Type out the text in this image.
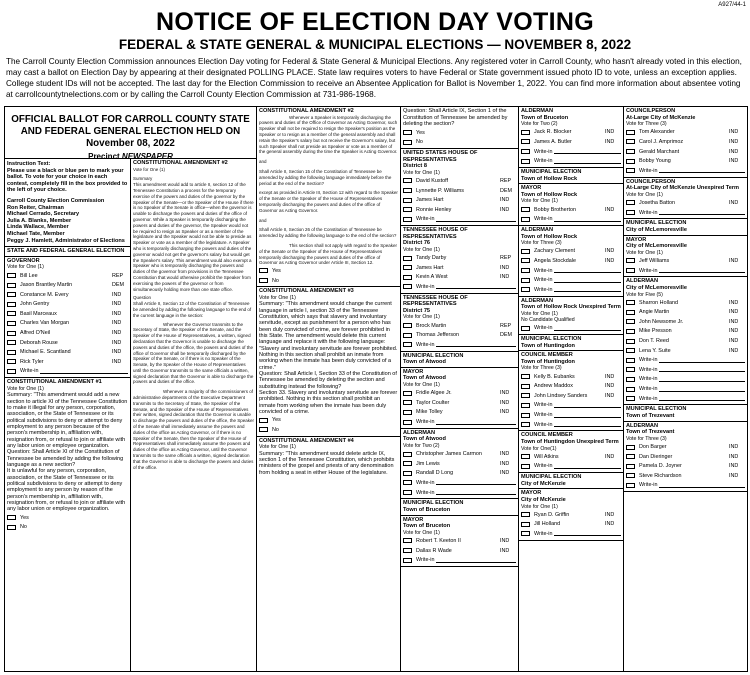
A927/44-1
NOTICE OF ELECTION DAY VOTING
FEDERAL & STATE GENERAL & MUNICIPAL ELECTIONS — NOVEMBER 8, 2022
The Carroll County Election Commission announces Election Day voting for Federal & State General & Municipal Elections. Any registered voter in Carroll County, who hasn't already voted in this election, may cast a ballot on Election Day by appearing at their designated POLLING PLACE. State law requires voters to have Federal or State government issued photo ID to vote, unless an exception applies. College student IDs will not be accepted. The last day for the Election Commission to receive an Absentee Application for Ballot is November 1, 2022. You can find more information about absentee voting at carrollcountytnelections.com or by calling the Carroll County Election Commission at 731-986-1968.
OFFICIAL BALLOT FOR CARROLL COUNTY STATE AND FEDERAL GENERAL ELECTION HELD ON
November 08, 2022
Precinct NEWSPAPER
Instruction Text:
Please use a black or blue pen to mark your ballot. To vote for your choice in each contest, completely fill in the box provided to the left of your choice.
Carroll County Election Commission
Ron Reiter, Chairman
Michael Cerrado, Secretary
Julia A. Blanks, Member
Linda Wallace, Member
Michael Tate, Member
Peggy J. Hamlett, Administrator of Elections
STATE AND FEDERAL GENERAL ELECTION
GOVERNOR
Vote for One (1)
Bill Lee	REP
Jason Brantley Martin	DEM
Constance M. Every	IND
John Gentry	IND
Basil Marceaux	IND
Charles Van Morgan	IND
Alfred O'Neil	IND
Deborah Rouse	IND
Michael E. Scantland	IND
Rick Tyler	IND
Write-in
CONSTITUTIONAL AMENDMENT #1
Vote for One (1)
Summary: "This amendment would add a new section to article XI of the Tennessee Constitution to make it illegal for any person, corporation, association, or the State of Tennessee or its political subdivisions to deny or attempt to deny employment to any person because of the person's membership in, affiliation with, resignation from, or refusal to join or affiliate with any labor union or employee organization.
Question: Shall Article XI of the Constitution of Tennessee be amended by adding the following language as a new section?
It is unlawful for any person, corporation, association, or the State of Tennessee or its political subdivisions to deny or attempt to deny employment to any person by reason of the person's membership in, affiliation with, resignation from, or refusal to join or affiliate with any labor union or employee organization.
Yes
No
CONSTITUTIONAL AMENDMENT #2
Vote for One (1)
Summary
This amendment would add to article II, section 12 of the Tennessee Constitution a process for the temporary exercise of the powers and duties of the governor by the Speaker of the Senate—or the Speaker of the House if there is no Speaker of the Senate in office—when the governor is unable to discharge the powers and duties of the office of governor. While a Speaker is temporarily discharging the powers and duties of the governor, the Speaker would not be required to resign as Speaker or as a member of the legislature and the Speaker would not be able to preside as Speaker or vote as a member of the legislature. A Speaker who is temporarily discharging the powers and duties of the governor would not get the governor's salary but would get the Speaker's salary. This amendment would also exempt a Speaker who is temporarily discharging the powers and duties of the governor from provisions in the Tennessee Constitution that would otherwise prohibit the Speaker from exercising the powers of the governor or from simultaneously holding more than one state office.
Question
Shall Article II, Section 12 of the Constitution of Tennessee be amended by adding the following language to the end of the current language in the section:
Whenever the Governor transmits to the Secretary of State, the Speaker of the Senate, and the Speaker of the House of Representatives, a written, signed declaration that the Governor is unable to discharge the powers and duties of the office, the powers and duties of the office of Governor shall be temporarily discharged by the Speaker of the Senate, or if there is no Speaker of the Senate, by the Speaker of the House of Representatives until the Governor transmits to the same officials a written, signed declaration that the Governor is able to discharge the powers and duties of the office.
Whenever a majority of the commissioners of administrative departments of the Executive Department transmits to the Secretary of State, the Speaker of the Senate, and the Speaker of the House of Representatives their written, signed declaration that the Governor is unable to discharge the powers and duties of the office, the Speaker of the Senate shall immediately assume the powers and duties of the office as Acting Governor, or if there is no Speaker of the Senate, then the Speaker of the House of Representatives shall immediately assume the powers and duties of the office as Acting Governor, until the Governor transmits to the same officials a written, signed declaration that the Governor is able to discharge the powers and duties of the office.
CONSTITUTIONAL AMENDMENT #2
Whenever a Speaker is temporarily discharging the powers and duties of the Office of Governor as Acting Governor, such Speaker shall not be required to resign the Speaker's position as the Speaker or to resign as a member of the general assembly and shall retain the Speaker's salary but not receive the Governor's salary, but such Speaker shall not preside as Speaker or vote as a member of the general assembly during the time the Speaker is Acting Governor.
and
Shall Article II, Section 15 of the Constitution of Tennessee be amended by adding the following language immediately before the period at the end of the Section?
except as provided in Article III, Section 12 with regard to the Speaker of the Senate or the Speaker of the House of Representatives temporarily discharging the powers and duties of the office of Governor as Acting Governor.
and
Shall Article II, Section 26 of the Constitution of Tennessee be amended by adding the following language to the end of the section?
This section shall not apply with regard to the Speaker of the Senate or the Speaker of the House of Representatives temporarily discharging the powers and duties of the office of Governor as Acting Governor under Article III, Section 12.
Yes
No
CONSTITUTIONAL AMENDMENT #3
Vote for One (1)
Summary: "This amendment would change the current language in article I, section 33 of the Tennessee Constitution, which says that slavery and involuntary servitude, except as punishment for a person who has been duly convicted of crime, are forever prohibited in this State. The amendment would delete this current language and replace it with the following language: "Slavery and involuntary servitude are forever prohibited. Nothing in this section shall prohibit an inmate from working when the inmate has been duly convicted of a crime."
Question: Shall Article I, Section 33 of the Constitution of Tennessee be amended by deleting the section and substituting instead the following?
Section 33. Slavery and involuntary servitude are forever prohibited. Nothing in this section shall prohibit an inmate from working when the inmate has been duly convicted of a crime.
Yes
No
CONSTITUTIONAL AMENDMENT #4
Vote for One (1)
Summary: "This amendment would delete article IX, section 1 of the Tennessee Constitution, which prohibits ministers of the gospel and priests of any denomination from holding a seat in either House of the legislature.
Question: Shall Article IX, Section 1 of the Constitution of Tennessee be amended by deleting the section?
Yes
No
UNITED STATES HOUSE OF REPRESENTATIVES
District 8
Vote for One (1)
David Kustoff	REP
Lynnette P. Williams	DEM
James Hart	IND
Ronnie Henley	IND
Write-in
TENNESSEE HOUSE OF REPRESENTATIVES
District 76
Vote for One (1)
Tandy Darby	REP
James Hart	IND
Kevin A West	IND
Write-in
TENNESSEE HOUSE OF REPRESENTATIVES
District 75
Vote for One (1)
Brock Martin	REP
Thomas Jefferson	DEM
Write-in
MUNICIPAL ELECTION
Town of Atwood
MAYOR
Town of Atwood
Vote for One (1)
Fridle Algee Jr.	IND
Taylor Coulter	IND
Mike Tolley	IND
Write-in
ALDERMAN
Town of Atwood
Vote for Two (2)
Christopher James Carmon	IND
Jim Lewis	IND
Randall D Long	IND
Write-in
Write-in
MUNICIPAL ELECTION
Town of Bruceton
MAYOR
Town of Bruceton
Vote for One (1)
Robert T. Keeton II	IND
Dallas R Wade	IND
Write-in
ALDERMAN
Town of Bruceton
Vote for Two (2)
Jack R. Blocker	IND
James A. Butler	IND
Write-in
Write-in
MUNICIPAL ELECTION
Town of Hollow Rock
MAYOR
Town of Hollow Rock
Vote for One (1)
Bobby Brotherton	IND
Write-in
ALDERMAN
Town of Hollow Rock
Vote for Three (3)
Zachary Clement	IND
Angela Stockdale	IND
Write-in
Write-in
Write-in
ALDERMAN
Town of Hollow Rock Unexpired Term
Vote for One (1)
No Candidate Qualified
Write-in
MUNICIPAL ELECTION
Town of Huntingdon
COUNCIL MEMBER
Town of Huntingdon
Vote for Three (3)
Kelly B. Eubanks	IND
Andrew Maddox	IND
John Lindsey Sanders	IND
Write-in
Write-in
Write-in
COUNCIL MEMBER
Town of Huntingdon Unexpired Term
Vote for One(1)
Will Atkins	IND
Write-in
MUNICIPAL ELECTION
City of McKenzie
MAYOR
City of McKenzie
Vote for One (1)
Ryan D. Griffin	IND
Jill Holland	IND
Write-in
COUNCILPERSON
At-Large City of McKenzie
Vote for Three (3)
Tom Alexander	IND
Carol J. Amprimoz	IND
Gerald Marchant	IND
Bobby Young	IND
Write-in
COUNCILPERSON
At-Large City of McKenzie Unexpired Term
Vote for One (1)
Josetha Batton	IND
Write-in
MUNICIPAL ELECTION
City of McLemoresville
MAYOR
City of McLemoresville
Vote for One (1)
Jeff Williams	IND
Write-in
ALDERMAN
City of McLemoresville
Vote for Five (5)
Sharron Holland	IND
Angie Martin	IND
John Newsome Jr.	IND
Mike Presson	IND
Don T. Reed	IND
Lena Y. Suite	IND
Write-in
Write-in
Write-in
Write-in
Write-in
MUNICIPAL ELECTION
Town of Trezevant
ALDERMAN
Town of Trezevant
Vote for Three (3)
Don Barger	IND
Dan Dieringer	IND
Pamela D. Joyner	IND
Steve Richardson	IND
Write-in
